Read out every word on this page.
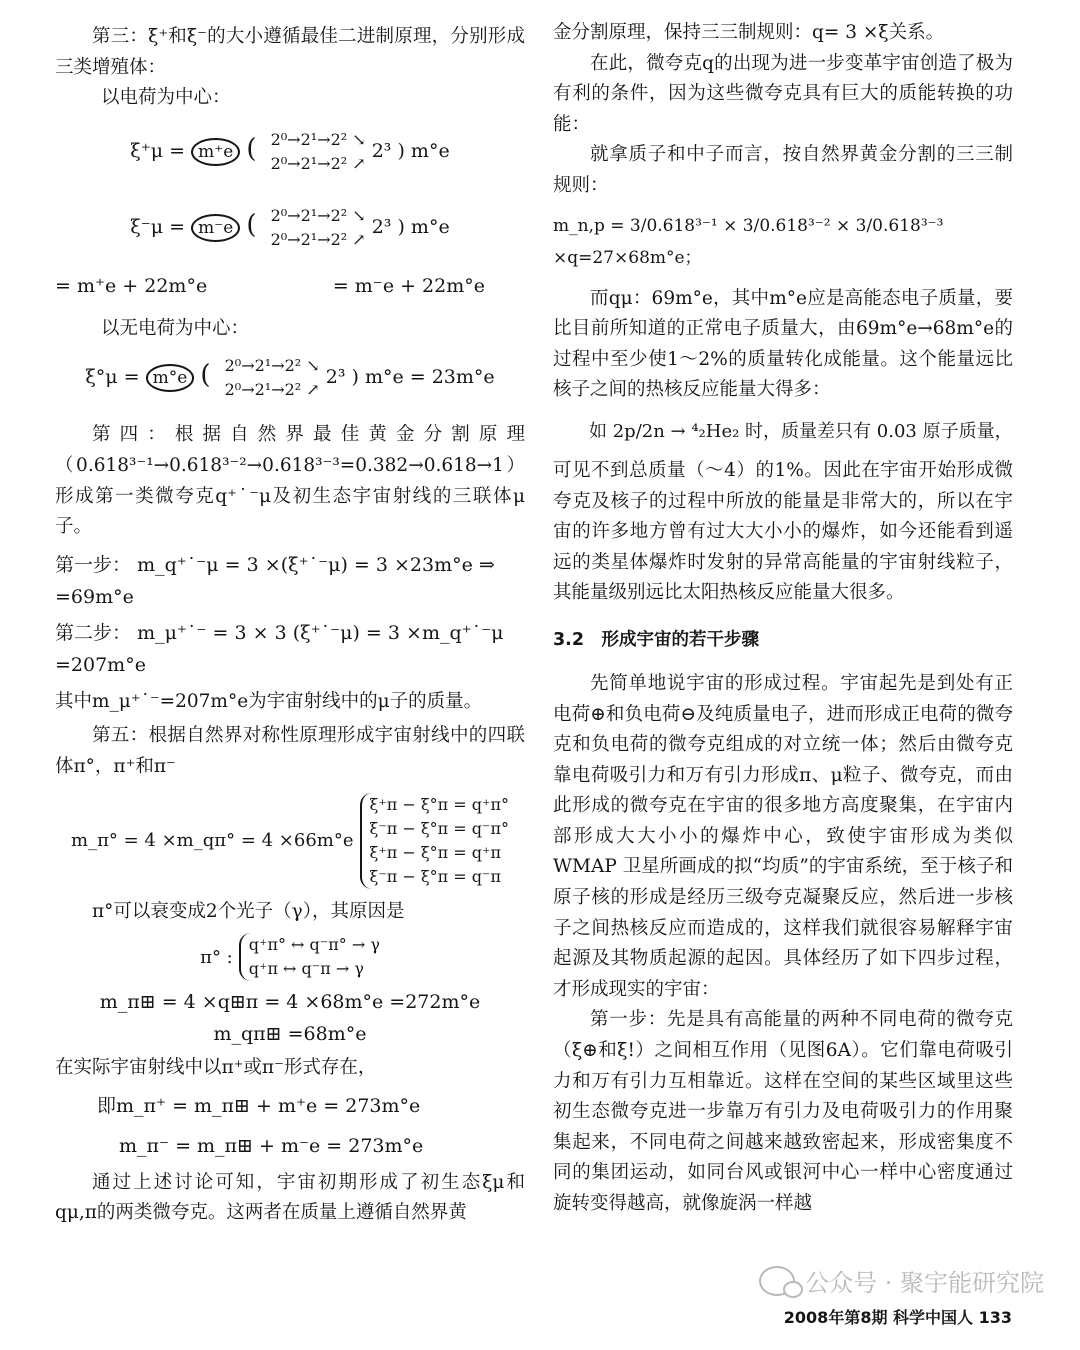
第三：ξ⁺和ξ⁻的大小遵循最佳二进制原理，分别形成三类增殖体：
以电荷为中心：
ξ⁺μ = m⁺e ( 2⁰→2¹→2² ↘
2⁰→2¹→2² ↗ 2³ ) m°e
ξ⁻μ = m⁻e ( 2⁰→2¹→2² ↘
2⁰→2¹→2² ↗ 2³ ) m°e
= m⁺e + 22m°e	= m⁻e + 22m°e
以无电荷为中心：
ξ°μ = m°e ( 2⁰→2¹→2² ↘
2⁰→2¹→2² ↗ 2³ ) m°e = 23m°e
第四：根据自然界最佳黄金分割原理（0.618³⁻¹→0.618³⁻²→0.618³⁻³=0.382→0.618→1）形成第一类微夸克q⁺˙⁻μ及初生态宇宙射线的三联体μ子。
第一步： m_q⁺˙⁻μ = 3 ×(ξ⁺˙⁻μ) = 3 ×23m°e ⇒ =69m°e
第二步： m_μ⁺˙⁻ = 3 × 3 (ξ⁺˙⁻μ) = 3 ×m_q⁺˙⁻μ =207m°e
其中m_μ⁺˙⁻=207m°e为宇宙射线中的μ子的质量。
第五：根据自然界对称性原理形成宇宙射线中的四联体π°，π⁺和π⁻
m_π° = 4 ×m_qπ° = 4 ×66m°e
ξ⁺π − ξ°π = q⁺π°
ξ⁻π − ξ°π = q⁻π°
ξ⁺π − ξ°π = q⁺π
ξ⁻π − ξ°π = q⁻π
π°可以衰变成2个光子（γ），其原因是
π° :
q⁺π° ↔ q⁻π° → γ
q⁺π ↔ q⁻π → γ
m_π⊞ = 4 ×q⊞π = 4 ×68m°e =272m°e
m_qπ⊞ =68m°e
在实际宇宙射线中以π⁺或π⁻形式存在，
即m_π⁺ = m_π⊞ + m⁺e = 273m°e
m_π⁻ = m_π⊞ + m⁻e = 273m°e
通过上述讨论可知，宇宙初期形成了初生态ξμ和qμ,π的两类微夸克。这两者在质量上遵循自然界黄
金分割原理，保持三三制规则：q= 3 ×ξ关系。
在此，微夸克q的出现为进一步变革宇宙创造了极为有利的条件，因为这些微夸克具有巨大的质能转换的功能：
就拿质子和中子而言，按自然界黄金分割的三三制规则：
m_n,p = 3/0.618³⁻¹ × 3/0.618³⁻² × 3/0.618³⁻³ ×q=27×68m°e；
而qμ：69m°e，其中m°e应是高能态电子质量，要比目前所知道的正常电子质量大，由69m°e→68m°e的过程中至少使1～2%的质量转化成能量。这个能量远比核子之间的热核反应能量大得多：
如 2p/2n → ⁴₂He₂ 时，质量差只有 0.03 原子质量，
可见不到总质量（～4）的1%。因此在宇宙开始形成微夸克及核子的过程中所放的能量是非常大的，所以在宇宙的许多地方曾有过大大小小的爆炸，如今还能看到遥远的类星体爆炸时发射的异常高能量的宇宙射线粒子，其能量级别远比太阳热核反应能量大很多。
3.2　形成宇宙的若干步骤
先简单地说宇宙的形成过程。宇宙起先是到处有正电荷⊕和负电荷⊖及纯质量电子，进而形成正电荷的微夸克和负电荷的微夸克组成的对立统一体；然后由微夸克靠电荷吸引力和万有引力形成π、μ粒子、微夸克，而由此形成的微夸克在宇宙的很多地方高度聚集，在宇宙内部形成大大小小的爆炸中心，致使宇宙形成为类似 WMAP 卫星所画成的拟“均质”的宇宙系统，至于核子和原子核的形成是经历三级夸克凝聚反应，然后进一步核子之间热核反应而造成的，这样我们就很容易解释宇宙起源及其物质起源的起因。具体经历了如下四步过程，才形成现实的宇宙：
第一步：先是具有高能量的两种不同电荷的微夸克（ξ⊕和ξ!）之间相互作用（见图6A）。它们靠电荷吸引力和万有引力互相靠近。这样在空间的某些区域里这些初生态微夸克进一步靠万有引力及电荷吸引力的作用聚集起来，不同电荷之间越来越致密起来，形成密集度不同的集团运动，如同台风或银河中心一样中心密度通过旋转变得越高，就像旋涡一样越
公众号 · 聚宇能研究院
2008年第8期 科学中国人 133
